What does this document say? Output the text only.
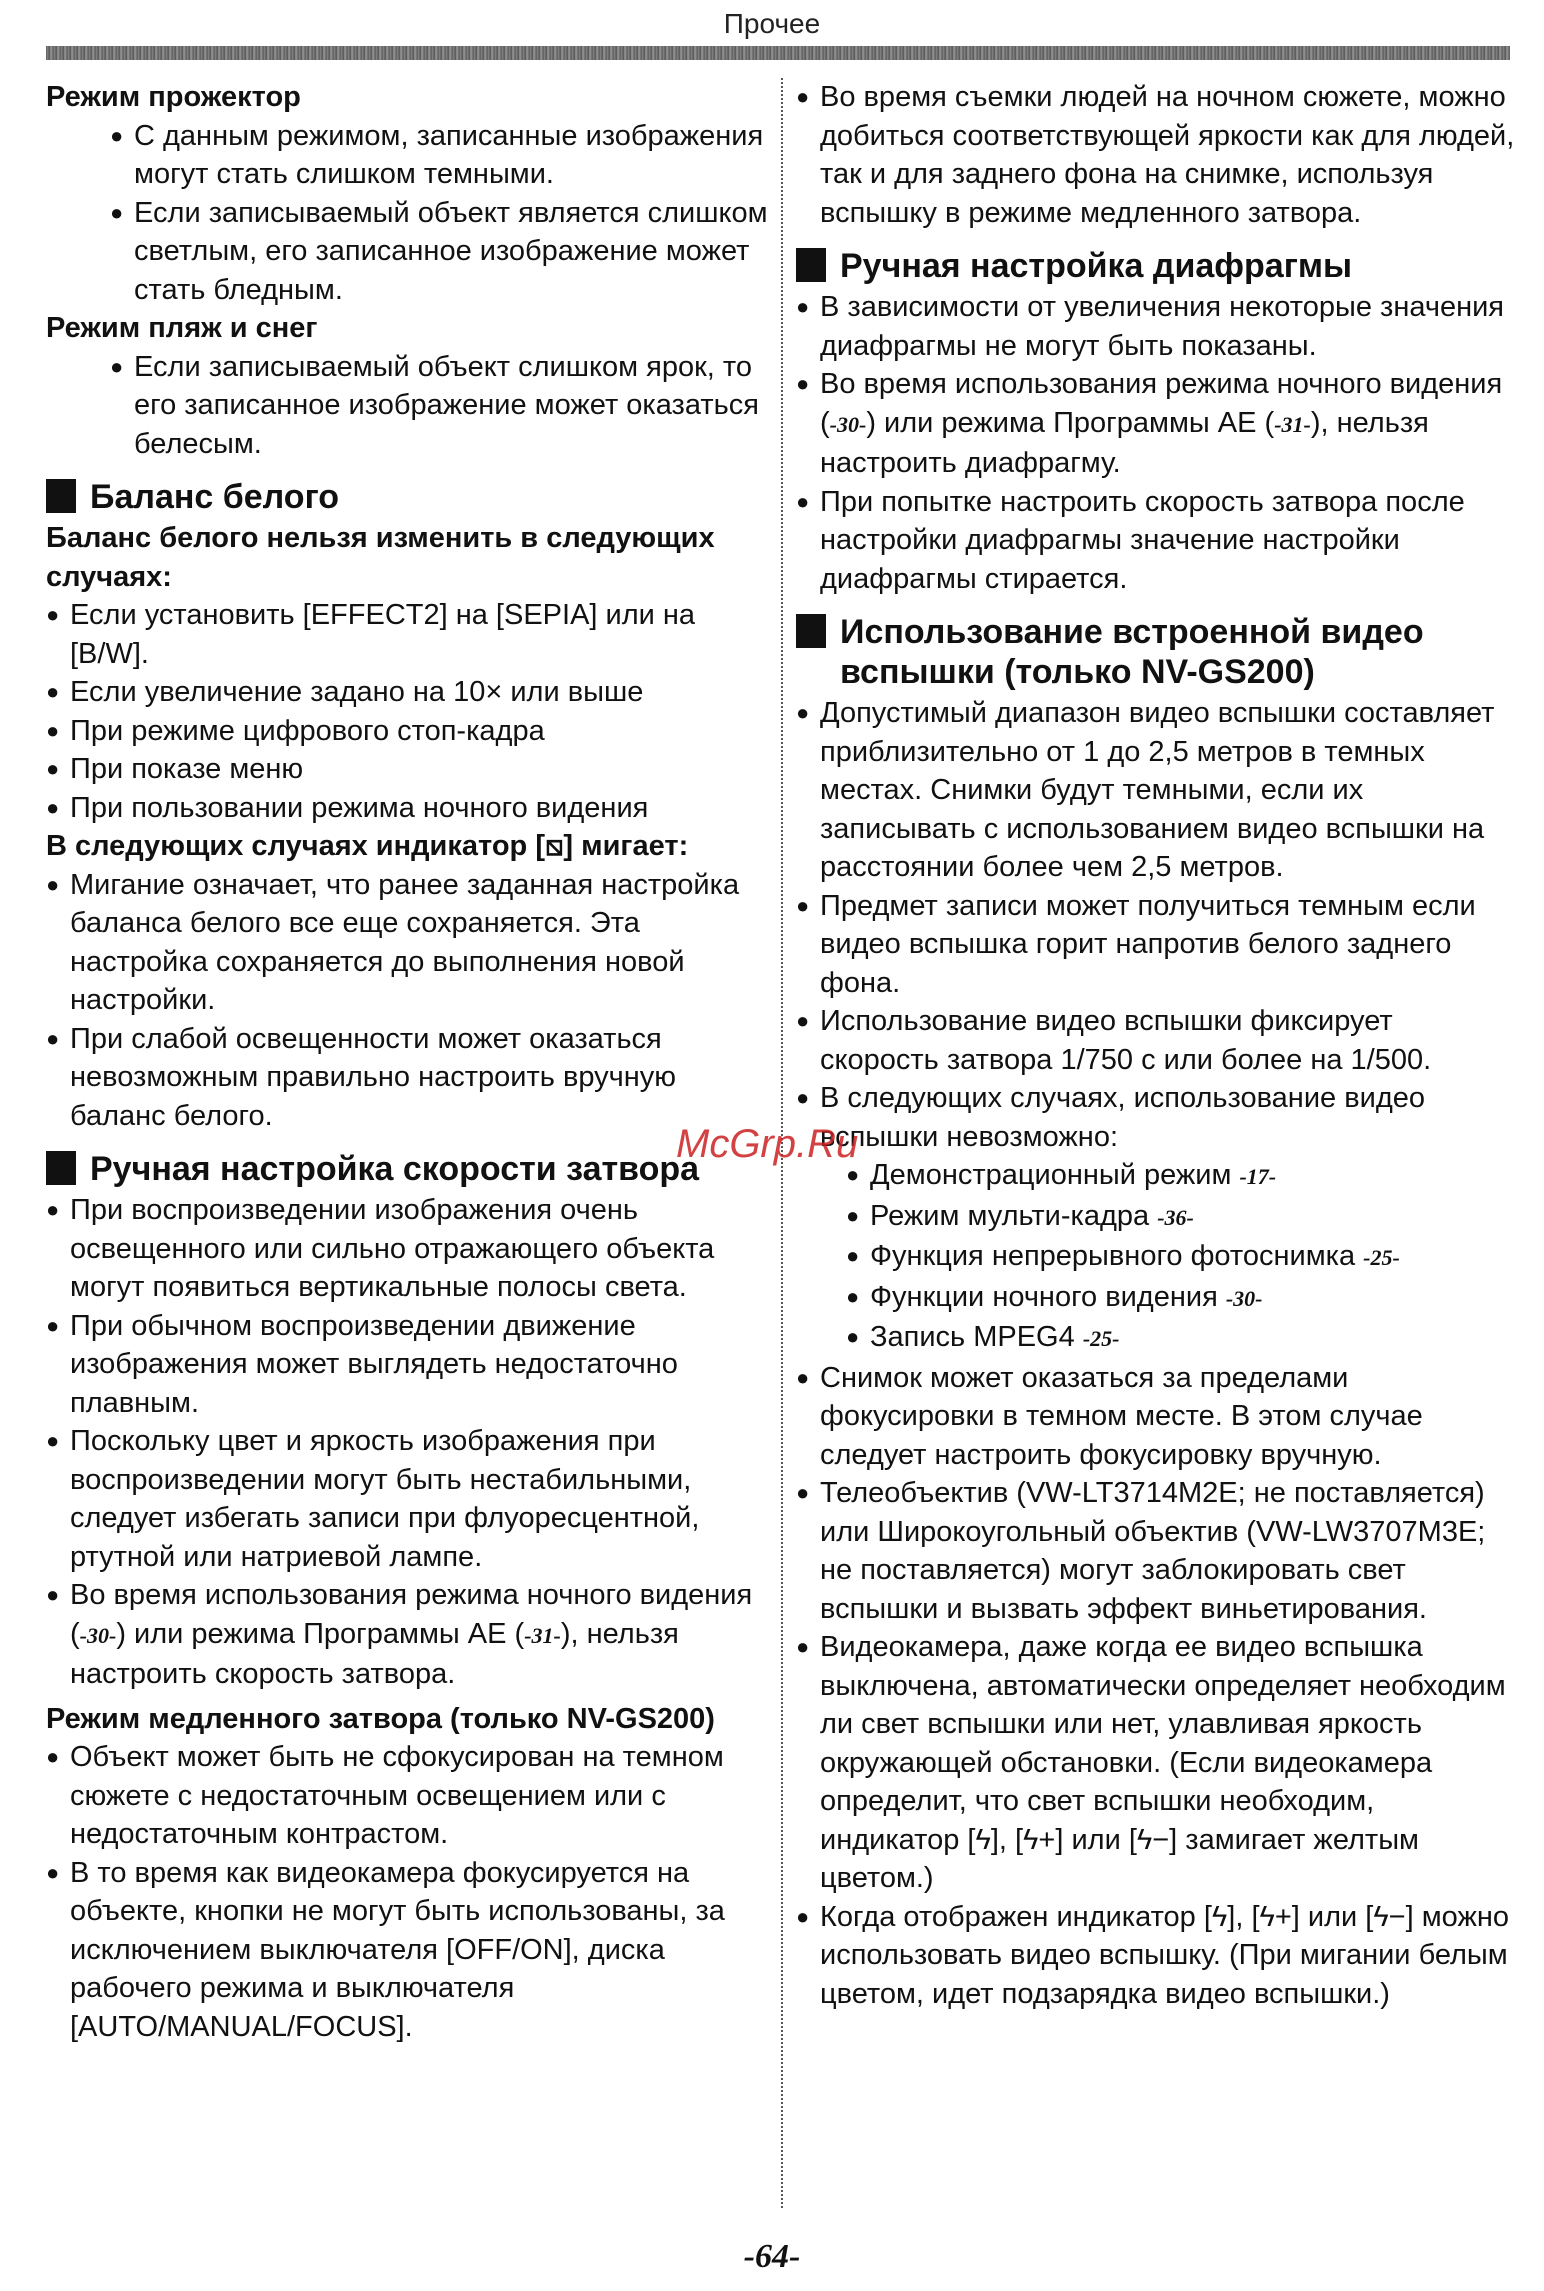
Прочее
Режим прожектор
● С данным режимом, записанные изображения могут стать слишком темными.
● Если записываемый объект является слишком светлым, его записанное изображение может стать бледным.
Режим пляж и снег
● Если записываемый объект слишком ярок, то его записанное изображение может оказаться белесым.
Баланс белого
Баланс белого нельзя изменить в следующих случаях:
● Если установить [EFFECT2] на [SEPIA] или на [B/W].
● Если увеличение задано на 10× или выше
● При режиме цифрового стоп-кадра
● При показе меню
● При пользовании режима ночного видения
В следующих случаях индикатор [⧅] мигает:
● Мигание означает, что ранее заданная настройка баланса белого все еще сохраняется. Эта настройка сохраняется до выполнения новой настройки.
● При слабой освещенности может оказаться невозможным правильно настроить вручную баланс белого.
Ручная настройка скорости затвора
● При воспроизведении изображения очень освещенного или сильно отражающего объекта могут появиться вертикальные полосы света.
● При обычном воспроизведении движение изображения может выглядеть недостаточно плавным.
● Поскольку цвет и яркость изображения при воспроизведении могут быть нестабильными, следует избегать записи при флуоресцентной, ртутной или натриевой лампе.
● Во время использования режима ночного видения (-30-) или режима Программы АЕ (-31-), нельзя настроить скорость затвора.
Режим медленного затвора (только NV-GS200)
● Объект может быть не сфокусирован на темном сюжете с недостаточным освещением или с недостаточным контрастом.
● В то время как видеокамера фокусируется на объекте, кнопки не могут быть использованы, за исключением выключателя [OFF/ON], диска рабочего режима и выключателя [AUTO/MANUAL/FOCUS].
● Во время съемки людей на ночном сюжете, можно добиться соответствующей яркости как для людей, так и для заднего фона на снимке, используя вспышку в режиме медленного затвора.
Ручная настройка диафрагмы
● В зависимости от увеличения некоторые значения диафрагмы не могут быть показаны.
● Во время использования режима ночного видения (-30-) или режима Программы АЕ (-31-), нельзя настроить диафрагму.
● При попытке настроить скорость затвора после настройки диафрагмы значение настройки диафрагмы стирается.
Использование встроенной видео вспышки (только NV-GS200)
● Допустимый диапазон видео вспышки составляет приблизительно от 1 до 2,5 метров в темных местах. Снимки будут темными, если их записывать с использованием видео вспышки на расстоянии более чем 2,5 метров.
● Предмет записи может получиться темным если видео вспышка горит напротив белого заднего фона.
● Использование видео вспышки фиксирует скорость затвора 1/750 с или более на 1/500.
● В следующих случаях, использование видео вспышки невозможно:
● Демонстрационный режим -17-
● Режим мульти-кадра -36-
● Функция непрерывного фотоснимка -25-
● Функции ночного видения -30-
● Запись MPEG4 -25-
● Снимок может оказаться за пределами фокусировки в темном месте. В этом случае следует настроить фокусировку вручную.
● Телеобъектив (VW-LT3714M2E; не поставляется) или Широкоугольный объектив (VW-LW3707M3E; не поставляется) могут заблокировать свет вспышки и вызвать эффект виньетирования.
● Видеокамера, даже когда ее видео вспышка выключена, автоматически определяет необходим ли свет вспышки или нет, улавливая яркость окружающей обстановки. (Если видеокамера определит, что свет вспышки необходим, индикатор [ϟ], [ϟ+] или [ϟ−] замигает желтым цветом.)
● Когда отображен индикатор [ϟ], [ϟ+] или [ϟ−] можно использовать видео вспышку. (При мигании белым цветом, идет подзарядка видео вспышки.)
McGrp.Ru
-64-
